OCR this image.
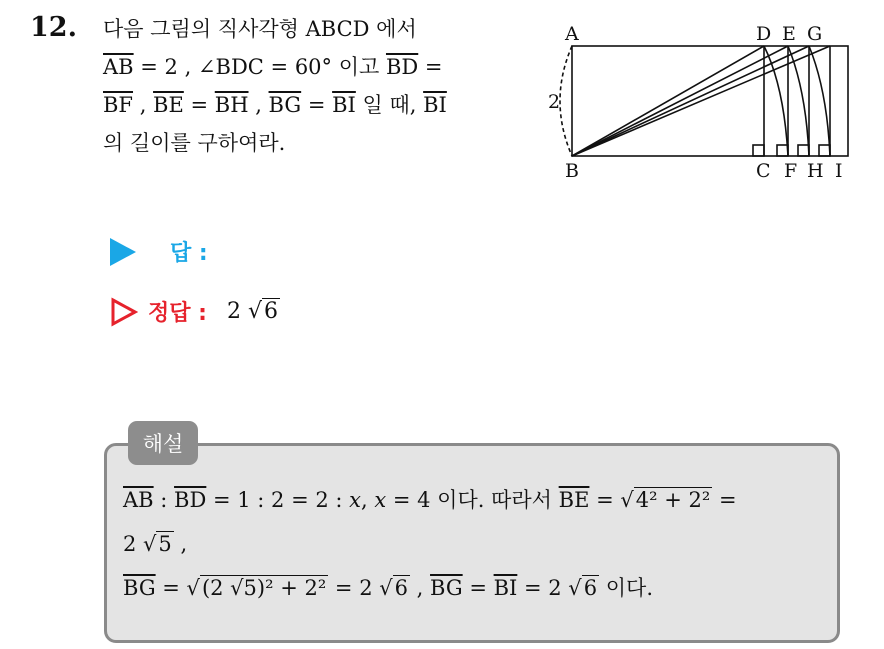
12. 다음 그림의 직사각형 ABCD 에서
$\overline{AB} = 2$ , ∠BDC = 60° 이고 $\overline{BD}$ =
$\overline{BF}$ , $\overline{BE} = \overline{BH}$ , $\overline{BG} = \overline{BI}$ 일 때, $\overline{BI}$
의 길이를 구하여라.
A	D E G
B	C F H I
2
답 :
정답 : 2 √6
해설
$\overline{AB}$ : $\overline{BD} = 1$ : 2 = 2 : x, x = 4 이다. 따라서 $\overline{BE} = √4^2 + 2^2$ =
2 √5 ,
$\overline{BG} = √(2$ √5)² + 2² = 2 √6 , $\overline{BG} = \overline{BI} = 2$ √6 이다.
